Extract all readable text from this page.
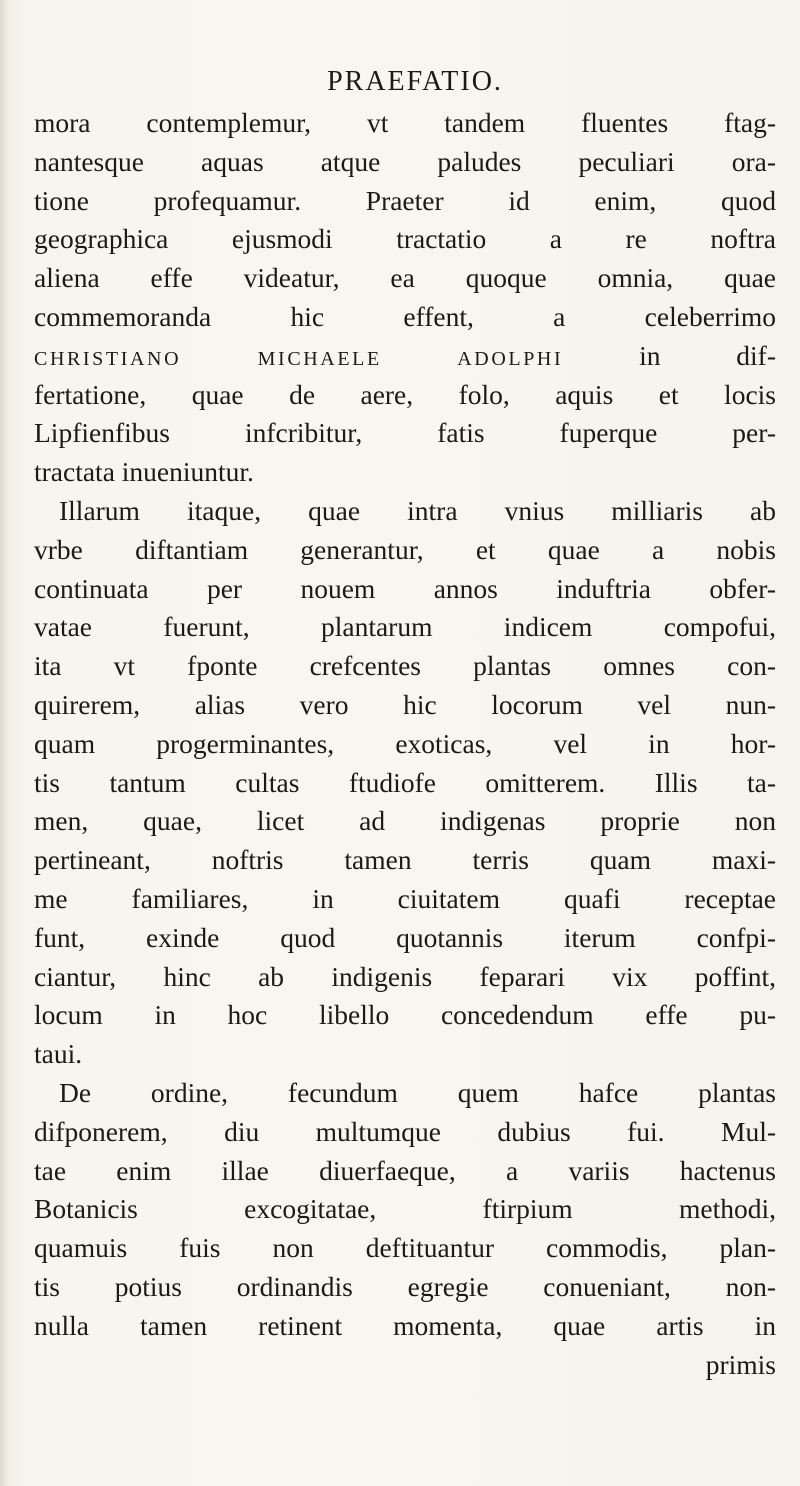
PRAEFATIO.
mora contemplemur, vt tandem fluentes ftag-
nantesque aquas atque paludes peculiari ora-
tione profequamur. Praeter id enim, quod
geographica ejusmodi tractatio a re noftra
aliena effe videatur, ea quoque omnia, quae
commemoranda hic effent, a celeberrimo
CHRISTIANO MICHAELE ADOLPHI	in dif-
fertatione, quae de aere, folo, aquis et locis
Lipfienfibus infcribitur, fatis fuperque per-
tractata inueniuntur.
Illarum itaque, quae intra vnius milliaris ab
vrbe diftantiam generantur, et quae a nobis
continuata per nouem annos induftria obfer-
vatae fuerunt, plantarum indicem compofui,
ita vt fponte crefcentes plantas omnes con-
quirerem, alias vero hic locorum vel nun-
quam progerminantes, exoticas, vel in hor-
tis tantum cultas ftudiofe omitterem. Illis ta-
men, quae, licet ad indigenas proprie non
pertineant, noftris tamen terris quam maxi-
me familiares, in ciuitatem quafi receptae
funt, exinde quod quotannis iterum confpi-
ciantur, hinc ab indigenis feparari vix poffint,
locum in hoc libello concedendum effe pu-
taui.
De ordine, fecundum quem hafce plantas
difponerem, diu multumque dubius fui. Mul-
tae enim illae diuerfaeque, a variis hactenus
Botanicis excogitatae, ftirpium methodi,
quamuis fuis non deftituantur commodis, plan-
tis potius ordinandis egregie conueniant, non-
nulla tamen retinent momenta, quae artis in
primis
